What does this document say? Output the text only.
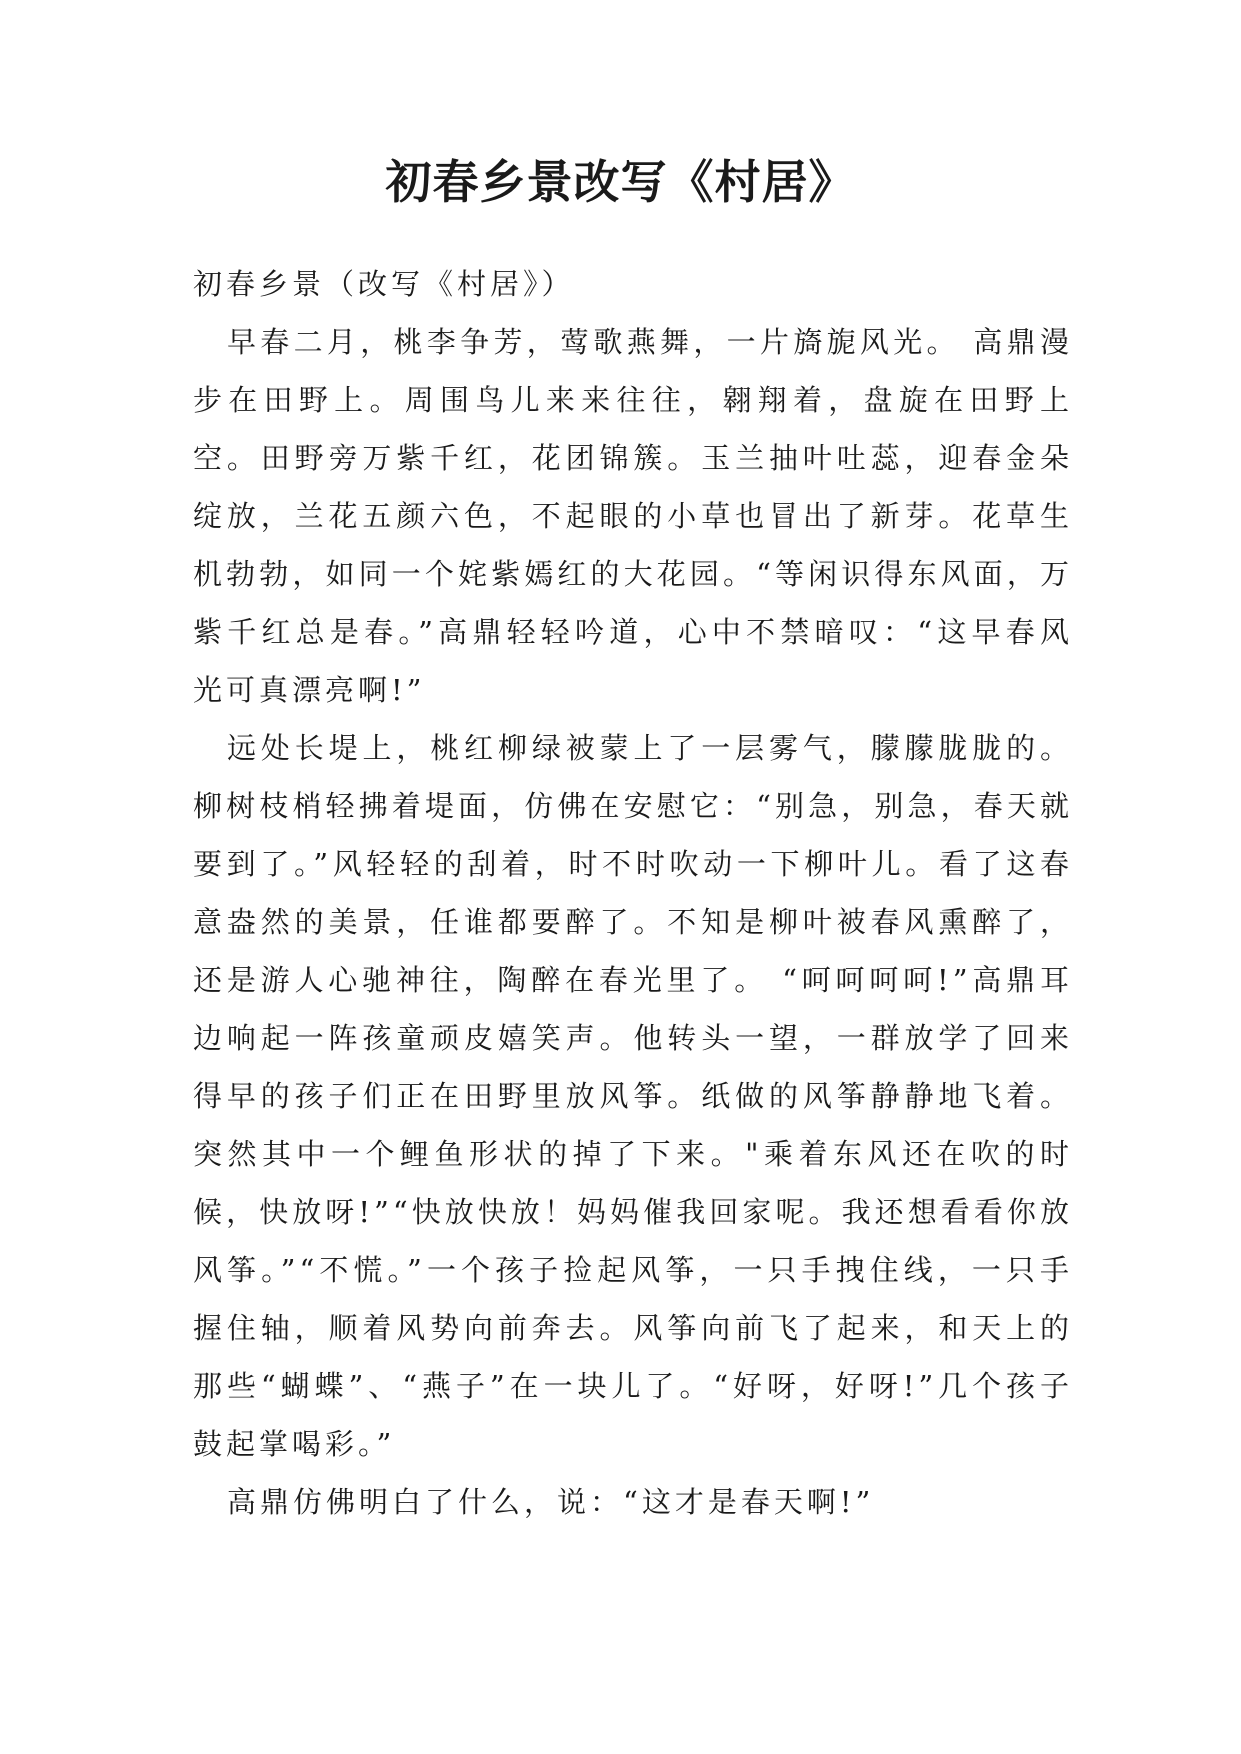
初春乡景改写《村居》

初春乡景（改写《村居》）

早春二月，桃李争芳，莺歌燕舞，一片旖旎风光。 高鼎漫步在田野上。周围鸟儿来来往往，翱翔着，盘旋在田野上空。田野旁万紫千红，花团锦簇。玉兰抽叶吐蕊，迎春金朵绽放，兰花五颜六色，不起眼的小草也冒出了新芽。花草生机勃勃，如同一个姹紫嫣红的大花园。“等闲识得东风面，万紫千红总是春。”高鼎轻轻吟道，心中不禁暗叹：“这早春风光可真漂亮啊!”

远处长堤上，桃红柳绿被蒙上了一层雾气，朦朦胧胧的。柳树枝梢轻拂着堤面，仿佛在安慰它：“别急，别急，春天就要到了。”风轻轻的刮着，时不时吹动一下柳叶儿。看了这春意盎然的美景，任谁都要醉了。不知是柳叶被春风熏醉了，还是游人心驰神往，陶醉在春光里了。 “呵呵呵呵!”高鼎耳边响起一阵孩童顽皮嬉笑声。他转头一望，一群放学了回来得早的孩子们正在田野里放风筝。纸做的风筝静静地飞着。突然其中一个鲤鱼形状的掉了下来。"乘着东风还在吹的时候，快放呀!”“快放快放！妈妈催我回家呢。我还想看看你放风筝。”“不慌。”一个孩子捡起风筝，一只手拽住线，一只手握住轴，顺着风势向前奔去。风筝向前飞了起来，和天上的那些“蝴蝶”、“燕子”在一块儿了。“好呀，好呀!”几个孩子鼓起掌喝彩。”

高鼎仿佛明白了什么，说：“这才是春天啊!”
